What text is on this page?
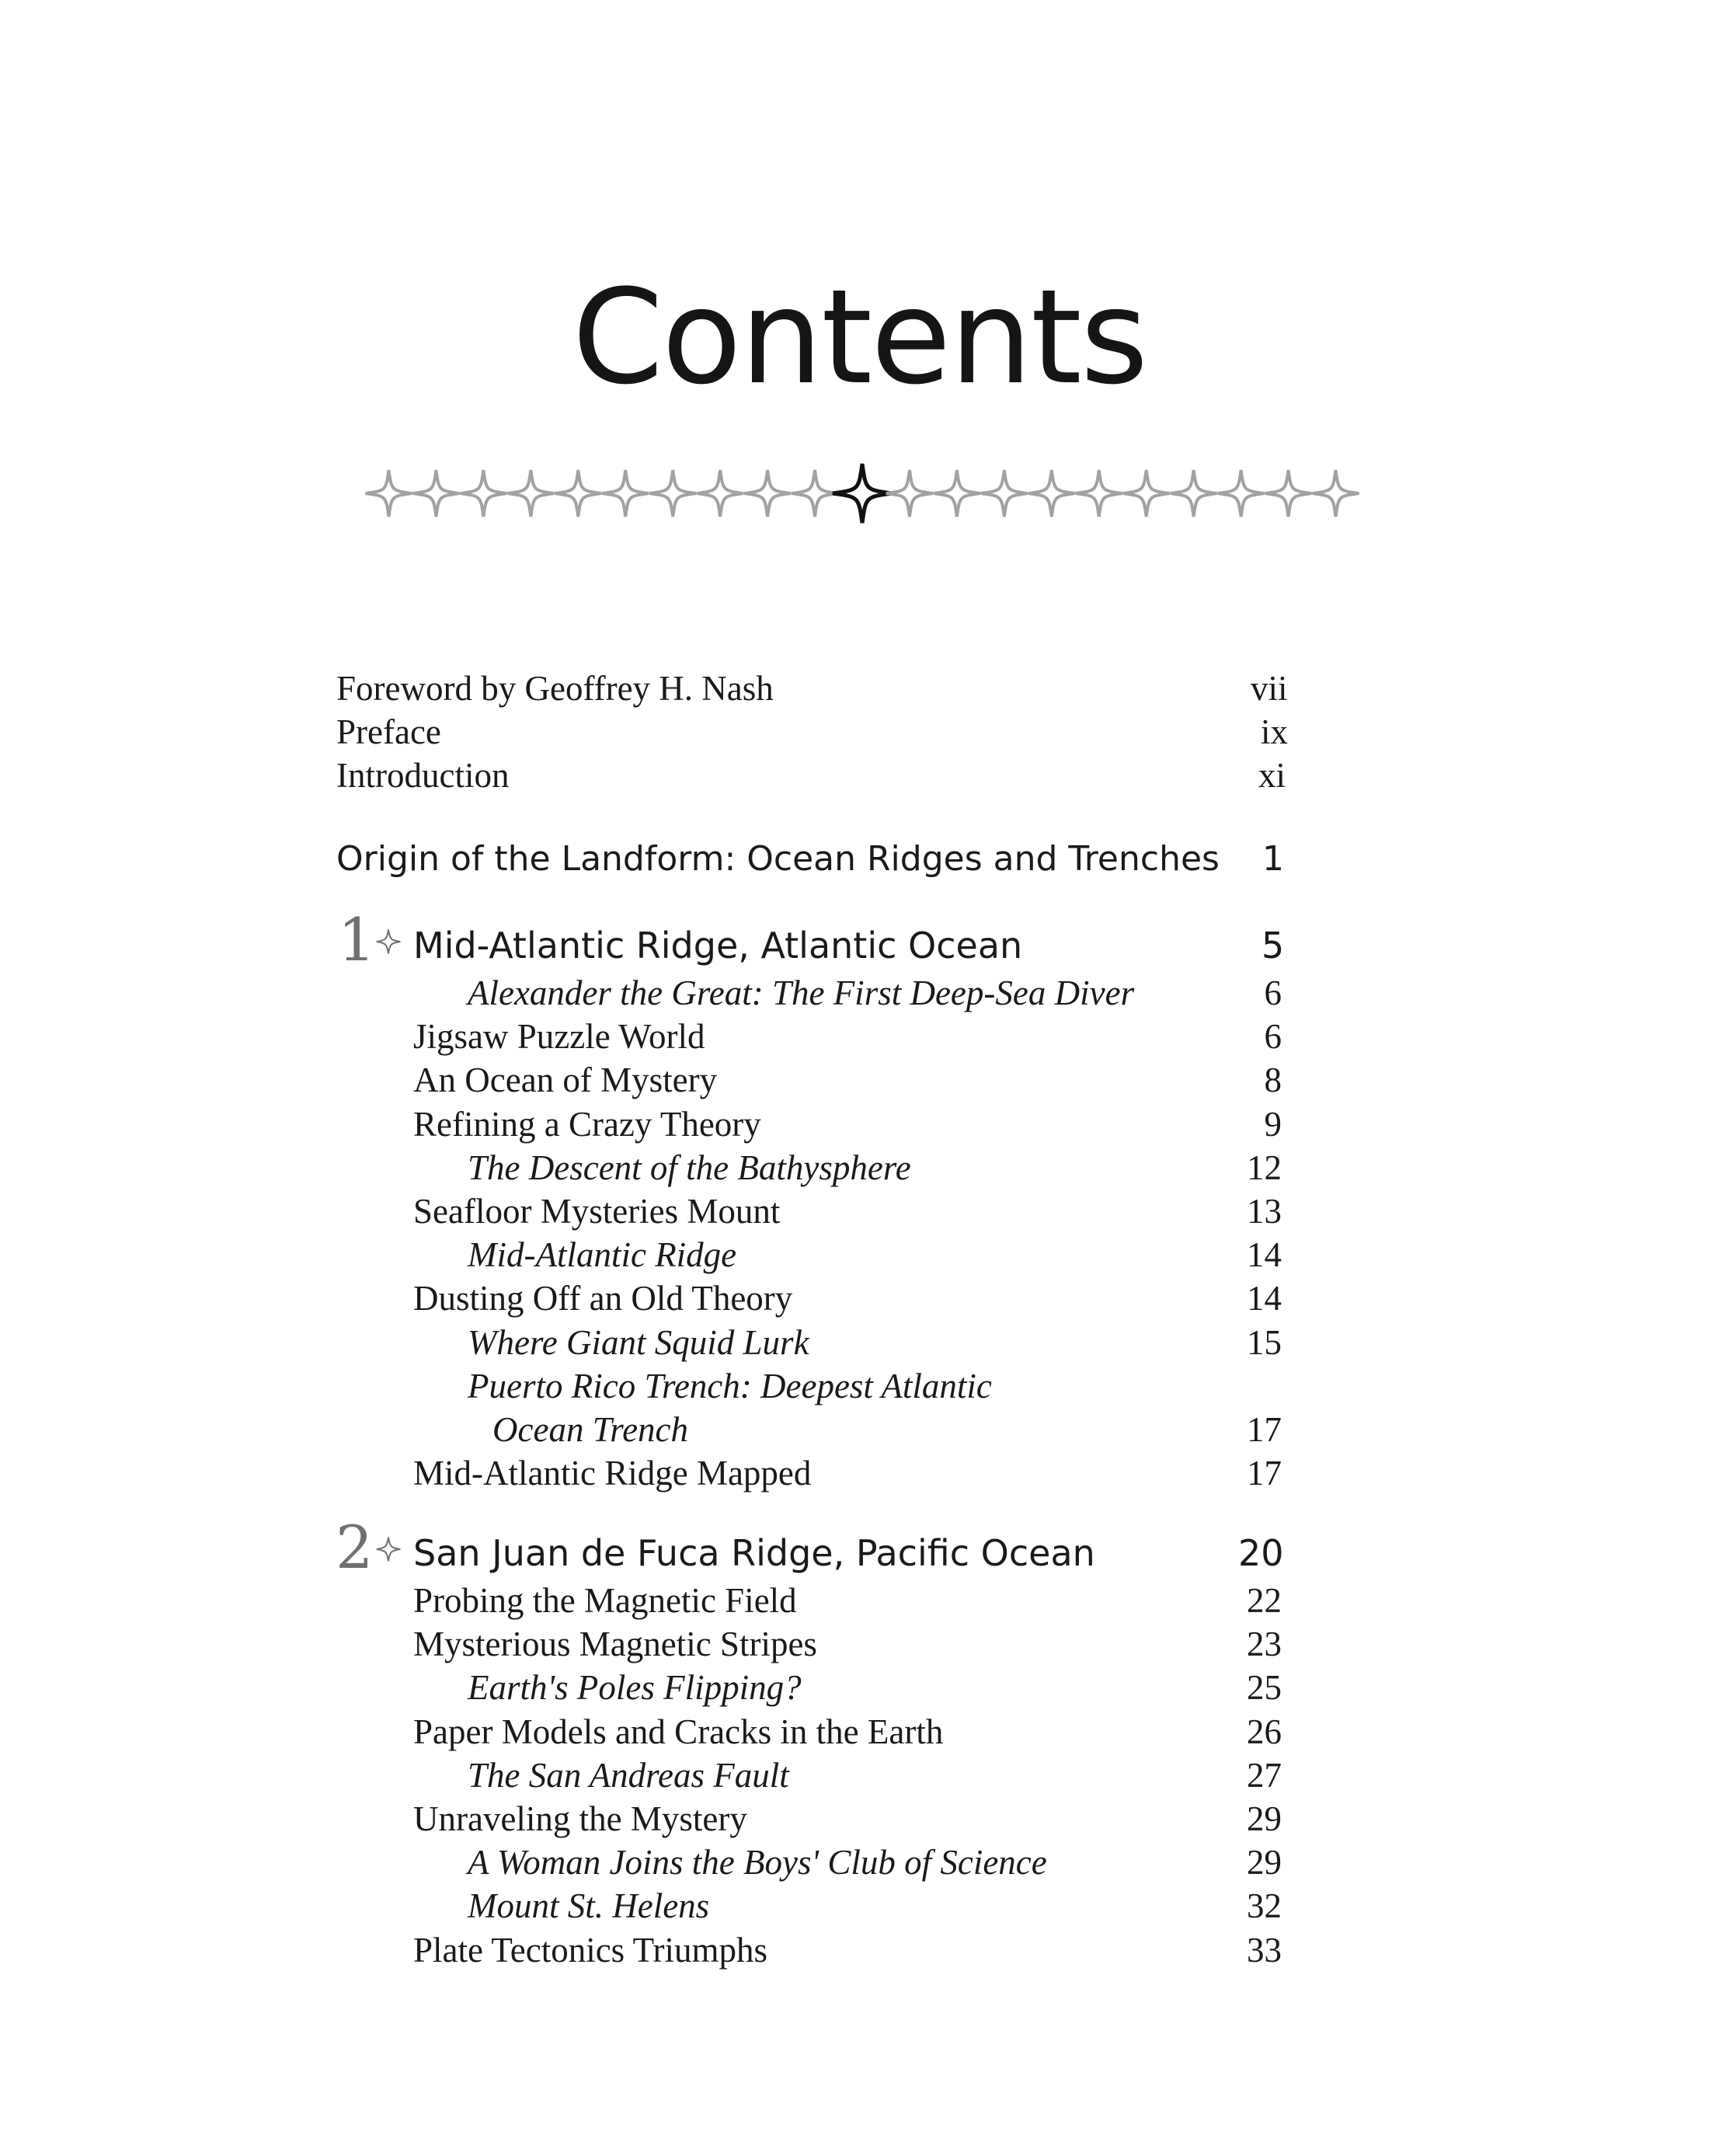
Contents
Foreword by Geoffrey H. Nash	vii
Preface	ix
Introduction	xi
Origin of the Landform: Ocean Ridges and Trenches 1
1 Mid-Atlantic Ridge, Atlantic Ocean	5
Alexander the Great: The First Deep-Sea Diver	6
Jigsaw Puzzle World	6
An Ocean of Mystery	8
Refining a Crazy Theory	9
The Descent of the Bathysphere	12
Seafloor Mysteries Mount	13
Mid-Atlantic Ridge	14
Dusting Off an Old Theory	14
Where Giant Squid Lurk	15
Puerto Rico Trench: Deepest Atlantic
Ocean Trench	17
Mid-Atlantic Ridge Mapped	17
2 San Juan de Fuca Ridge, Pacific Ocean	20
Probing the Magnetic Field	22
Mysterious Magnetic Stripes	23
Earth's Poles Flipping?	25
Paper Models and Cracks in the Earth	26
The San Andreas Fault	27
Unraveling the Mystery	29
A Woman Joins the Boys' Club of Science	29
Mount St. Helens	32
Plate Tectonics Triumphs	33
